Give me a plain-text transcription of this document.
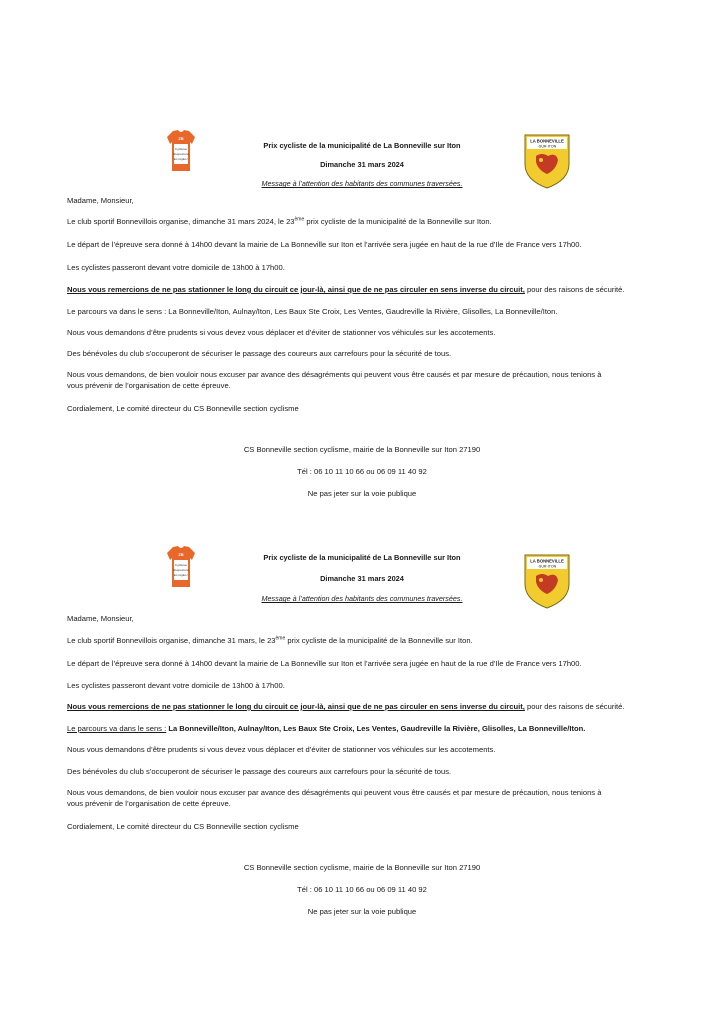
ZB
Cyclisme
Respectons
les règles !
Prix cycliste de la municipalité de La Bonneville sur Iton
Dimanche 31 mars 2024
Message à l’attention des habitants des communes traversées.
LA BONNEVILLE
-SUR-ITON
Madame, Monsieur,
Le club sportif Bonnevillois organise, dimanche 31 mars 2024, le 23ème prix cycliste de la municipalité de la Bonneville sur Iton.
Le départ de l’épreuve sera donné à 14h00 devant la mairie de La Bonneville sur Iton et l’arrivée sera jugée en haut de la rue d’Ile de France vers 17h00.
Les cyclistes passeront devant votre domicile de 13h00 à 17h00.
Nous vous remercions de ne pas stationner le long du circuit ce jour-là, ainsi que de ne pas circuler en sens inverse du circuit, pour des raisons de sécurité.
Le parcours va dans le sens : La Bonneville/Iton, Aulnay/Iton, Les Baux Ste Croix, Les Ventes, Gaudreville la Rivière, Glisolles, La Bonneville/Iton.
Nous vous demandons d’être prudents si vous devez vous déplacer et d’éviter de stationner vos véhicules sur les accotements.
Des bénévoles du club s’occuperont de sécuriser le passage des coureurs aux carrefours pour la sécurité de tous.
Nous vous demandons, de bien vouloir nous excuser par avance des désagréments qui peuvent vous être causés et par mesure de précaution, nous tenions à
vous prévenir de l’organisation de cette épreuve.
Cordialement, Le comité directeur du CS Bonneville section cyclisme
CS Bonneville section cyclisme, mairie de la Bonneville sur Iton 27190
Tél : 06 10 11 10 66 ou 06 09 11 40 92
Ne pas jeter sur la voie publique
ZB
Cyclisme
Respectons
les règles !
Prix cycliste de la municipalité de La Bonneville sur Iton
Dimanche 31 mars 2024
Message à l’attention des habitants des communes traversées.
LA BONNEVILLE
-SUR-ITON
Madame, Monsieur,
Le club sportif Bonnevillois organise, dimanche 31 mars, le 23ème prix cycliste de la municipalité de la Bonneville sur Iton.
Le départ de l’épreuve sera donné à 14h00 devant la mairie de La Bonneville sur Iton et l’arrivée sera jugée en haut de la rue d’Ile de France vers 17h00.
Les cyclistes passeront devant votre domicile de 13h00 à 17h00.
Nous vous remercions de ne pas stationner le long du circuit ce jour-là, ainsi que de ne pas circuler en sens inverse du circuit, pour des raisons de sécurité.
Le parcours va dans le sens : La Bonneville/Iton, Aulnay/Iton, Les Baux Ste Croix, Les Ventes, Gaudreville la Rivière, Glisolles, La Bonneville/Iton.
Nous vous demandons d’être prudents si vous devez vous déplacer et d’éviter de stationner vos véhicules sur les accotements.
Des bénévoles du club s’occuperont de sécuriser le passage des coureurs aux carrefours pour la sécurité de tous.
Nous vous demandons, de bien vouloir nous excuser par avance des désagréments qui peuvent vous être causés et par mesure de précaution, nous tenions à
vous prévenir de l’organisation de cette épreuve.
Cordialement, Le comité directeur du CS Bonneville section cyclisme
CS Bonneville section cyclisme, mairie de la Bonneville sur Iton 27190
Tél : 06 10 11 10 66 ou 06 09 11 40 92
Ne pas jeter sur la voie publique
